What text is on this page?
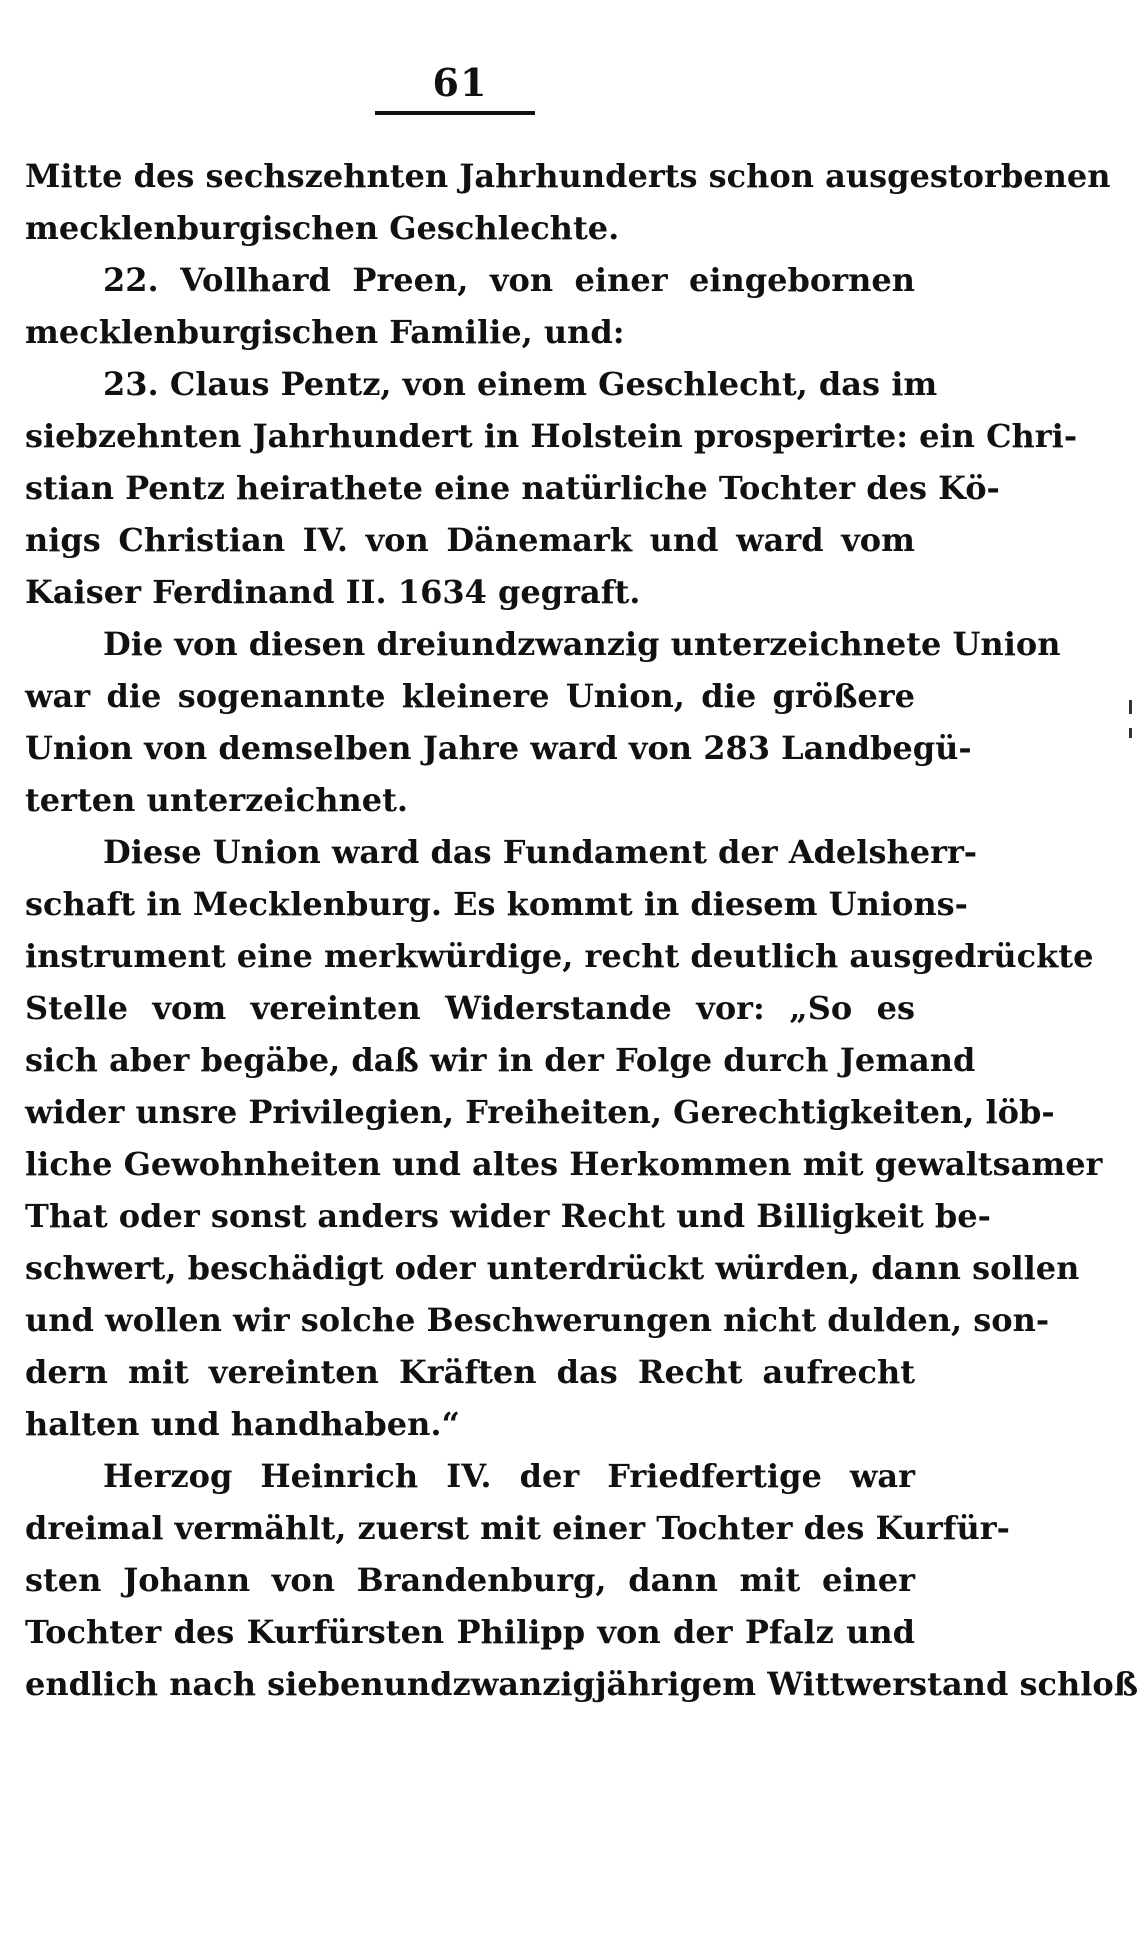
61
Mitte des sechszehnten Jahrhunderts schon ausgestorbenen
mecklenburgischen Geschlechte.
22. Vollhard Preen, von einer eingebornen
mecklenburgischen Familie, und:
23. Claus Pentz, von einem Geschlecht, das im
siebzehnten Jahrhundert in Holstein prosperirte: ein Chri-
stian Pentz heirathete eine natürliche Tochter des Kö-
nigs Christian IV. von Dänemark und ward vom
Kaiser Ferdinand II. 1634 gegraft.
Die von diesen dreiundzwanzig unterzeichnete Union
war die sogenannte kleinere Union, die größere
Union von demselben Jahre ward von 283 Landbegü-
terten unterzeichnet.
Diese Union ward das Fundament der Adelsherr-
schaft in Mecklenburg. Es kommt in diesem Unions-
instrument eine merkwürdige, recht deutlich ausgedrückte
Stelle vom vereinten Widerstande vor: „So es
sich aber begäbe, daß wir in der Folge durch Jemand
wider unsre Privilegien, Freiheiten, Gerechtigkeiten, löb-
liche Gewohnheiten und altes Herkommen mit gewaltsamer
That oder sonst anders wider Recht und Billigkeit be-
schwert, beschädigt oder unterdrückt würden, dann sollen
und wollen wir solche Beschwerungen nicht dulden, son-
dern mit vereinten Kräften das Recht aufrecht
halten und handhaben.“
Herzog Heinrich IV. der Friedfertige war
dreimal vermählt, zuerst mit einer Tochter des Kurfür-
sten Johann von Brandenburg, dann mit einer
Tochter des Kurfürsten Philipp von der Pfalz und
endlich nach siebenundzwanzigjährigem Wittwerstand schloß
